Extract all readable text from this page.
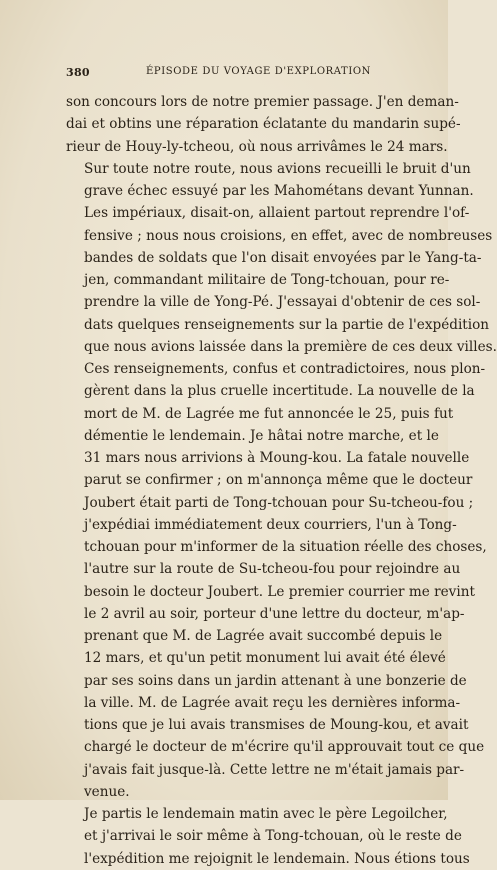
380	ÉPISODE DU VOYAGE D'EXPLORATION
son concours lors de notre premier passage. J'en deman-
dai et obtins une réparation éclatante du mandarin supé-
rieur de Houy-ly-tcheou, où nous arrivâmes le 24 mars.
Sur toute notre route, nous avions recueilli le bruit d'un
grave échec essuyé par les Mahométans devant Yunnan.
Les impériaux, disait-on, allaient partout reprendre l'of-
fensive ; nous nous croisions, en effet, avec de nombreuses
bandes de soldats que l'on disait envoyées par le Yang-ta-
jen, commandant militaire de Tong-tchouan, pour re-
prendre la ville de Yong-Pé. J'essayai d'obtenir de ces sol-
dats quelques renseignements sur la partie de l'expédition
que nous avions laissée dans la première de ces deux villes.
Ces renseignements, confus et contradictoires, nous plon-
gèrent dans la plus cruelle incertitude. La nouvelle de la
mort de M. de Lagrée me fut annoncée le 25, puis fut
démentie le lendemain. Je hâtai notre marche, et le
31 mars nous arrivions à Moung-kou. La fatale nouvelle
parut se confirmer ; on m'annonça même que le docteur
Joubert était parti de Tong-tchouan pour Su-tcheou-fou ;
j'expédiai immédiatement deux courriers, l'un à Tong-
tchouan pour m'informer de la situation réelle des choses,
l'autre sur la route de Su-tcheou-fou pour rejoindre au
besoin le docteur Joubert. Le premier courrier me revint
le 2 avril au soir, porteur d'une lettre du docteur, m'ap-
prenant que M. de Lagrée avait succombé depuis le
12 mars, et qu'un petit monument lui avait été élevé
par ses soins dans un jardin attenant à une bonzerie de
la ville. M. de Lagrée avait reçu les dernières informa-
tions que je lui avais transmises de Moung-kou, et avait
chargé le docteur de m'écrire qu'il approuvait tout ce que
j'avais fait jusque-là. Cette lettre ne m'était jamais par-
venue.
Je partis le lendemain matin avec le père Legoilcher,
et j'arrivai le soir même à Tong-tchouan, où le reste de
l'expédition me rejoignit le lendemain. Nous étions tous
